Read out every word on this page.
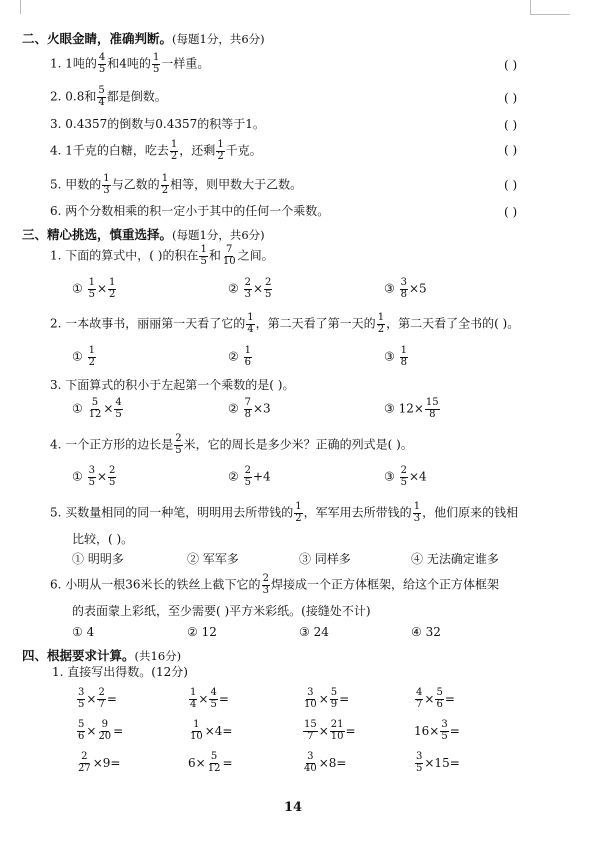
二、火眼金睛，准确判断。(每题1分，共6分)
1. 1吨的 $\frac{4}{5}$ 和4吨的 $\frac{1}{5}$ 一样重。	( )
2. 0.8和 $\frac{5}{4}$ 都是倒数。	( )
3. 0.4357的倒数与0.4357的积等于1。	( )
4. 1千克的白糖，吃去 $\frac{1}{2}$ ，还剩 $\frac{1}{2}$ 千克。	( )
5. 甲数的 $\frac{1}{3}$ 与乙数的 $\frac{1}{2}$ 相等，则甲数大于乙数。	( )
6. 两个分数相乘的积一定小于其中的任何一个乘数。	( )
三、精心挑选，慎重选择。(每题1分，共6分)
1. 下面的算式中，( )的积在 $\frac{1}{5}$ 和 $\frac{7}{10}$ 之间。
① $\frac{1}{5} \times \frac{1}{2}$	② $\frac{2}{3} \times \frac{2}{5}$	③ $\frac{3}{8} \times 5$
2. 一本故事书，丽丽第一天看了它的 $\frac{1}{4}$ ，第二天看了第一天的 $\frac{1}{2}$ ，第二天看了全书的( )。
① $\frac{1}{2}$	② $\frac{1}{6}$	③ $\frac{1}{8}$
3. 下面算式的积小于左起第一个乘数的是( )。
① $\frac{5}{12} \times \frac{4}{5}$	② $\frac{7}{8} \times 3$	③ $12\times \frac{15}{8}$
4. 一个正方形的边长是 $\frac{2}{5}$ 米，它的周长是多少米？正确的列式是( )。
① $\frac{3}{5} \times \frac{2}{5}$	② $\frac{2}{5} +4$	③ $\frac{2}{5} \times 4$
5. 买数量相同的同一种笔，明明用去所带钱的 $\frac{1}{2}$ ，军军用去所带钱的 $\frac{1}{3}$ ，他们原来的钱相
比较，( )。
① 明明多	② 军军多	③ 同样多	④ 无法确定谁多
6. 小明从一根36米长的铁丝上截下它的 $\frac{2}{3}$ 焊接成一个正方体框架，给这个正方体框架
的表面蒙上彩纸，至少需要( )平方米彩纸。(接缝处不计)
① 4	② 12	③ 24	④ 32
四、根据要求计算。(共16分)
1. 直接写出得数。(12分)
$\frac{3}{5} \times \frac{2}{7}$ =	$\frac{1}{4} \times \frac{4}{5}$ =	$\frac{3}{10} \times \frac{5}{9}$ =	$\frac{4}{7} \times \frac{5}{6}$ =
$\frac{5}{6} \times \frac{9}{20}$ =	$\frac{1}{10} \times 4=$	$\frac{15}{7} \times \frac{21}{10}$ =	$16\times \frac{3}{5}$ =
$\frac{2}{27} \times 9=$	$6\times \frac{5}{12}$ =	$\frac{3}{40} \times 8=$	$\frac{3}{5} \times 15=$
14
